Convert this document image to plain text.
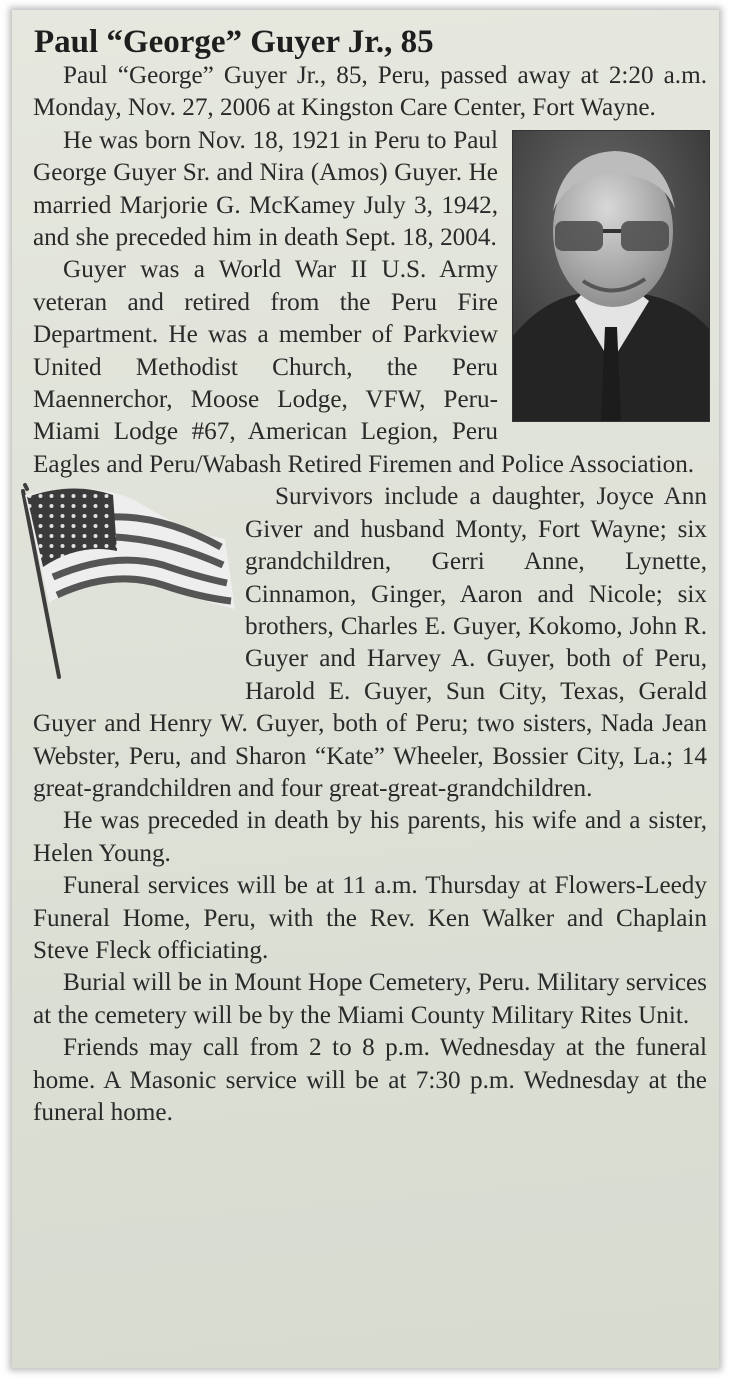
Paul “George” Guyer Jr., 85

Paul “George” Guyer Jr., 85, Peru, passed away at 2:20 a.m. Monday, Nov. 27, 2006 at Kingston Care Center, Fort Wayne.

He was born Nov. 18, 1921 in Peru to Paul George Guyer Sr. and Nira (Amos) Guyer. He married Marjorie G. McKamey July 3, 1942, and she preceded him in death Sept. 18, 2004.

Guyer was a World War II U.S. Army veteran and retired from the Peru Fire Department. He was a member of Parkview United Methodist Church, the Peru Maennerchor, Moose Lodge, VFW, Peru-Miami Lodge #67, American Legion, Peru Eagles and Peru/Wabash Retired Firemen and Police Association.

Survivors include a daughter, Joyce Ann Giver and husband Monty, Fort Wayne; six grandchildren, Gerri Anne, Lynette, Cinnamon, Ginger, Aaron and Nicole; six brothers, Charles E. Guyer, Kokomo, John R. Guyer and Harvey A. Guyer, both of Peru, Harold E. Guyer, Sun City, Texas, Gerald Guyer and Henry W. Guyer, both of Peru; two sisters, Nada Jean Webster, Peru, and Sharon “Kate” Wheeler, Bossier City, La.; 14 great-grandchildren and four great-great-grandchildren.

He was preceded in death by his parents, his wife and a sister, Helen Young.

Funeral services will be at 11 a.m. Thursday at Flowers-Leedy Funeral Home, Peru, with the Rev. Ken Walker and Chaplain Steve Fleck officiating.

Burial will be in Mount Hope Cemetery, Peru. Military services at the cemetery will be by the Miami County Military Rites Unit.

Friends may call from 2 to 8 p.m. Wednesday at the funeral home. A Masonic service will be at 7:30 p.m. Wednesday at the funeral home.
